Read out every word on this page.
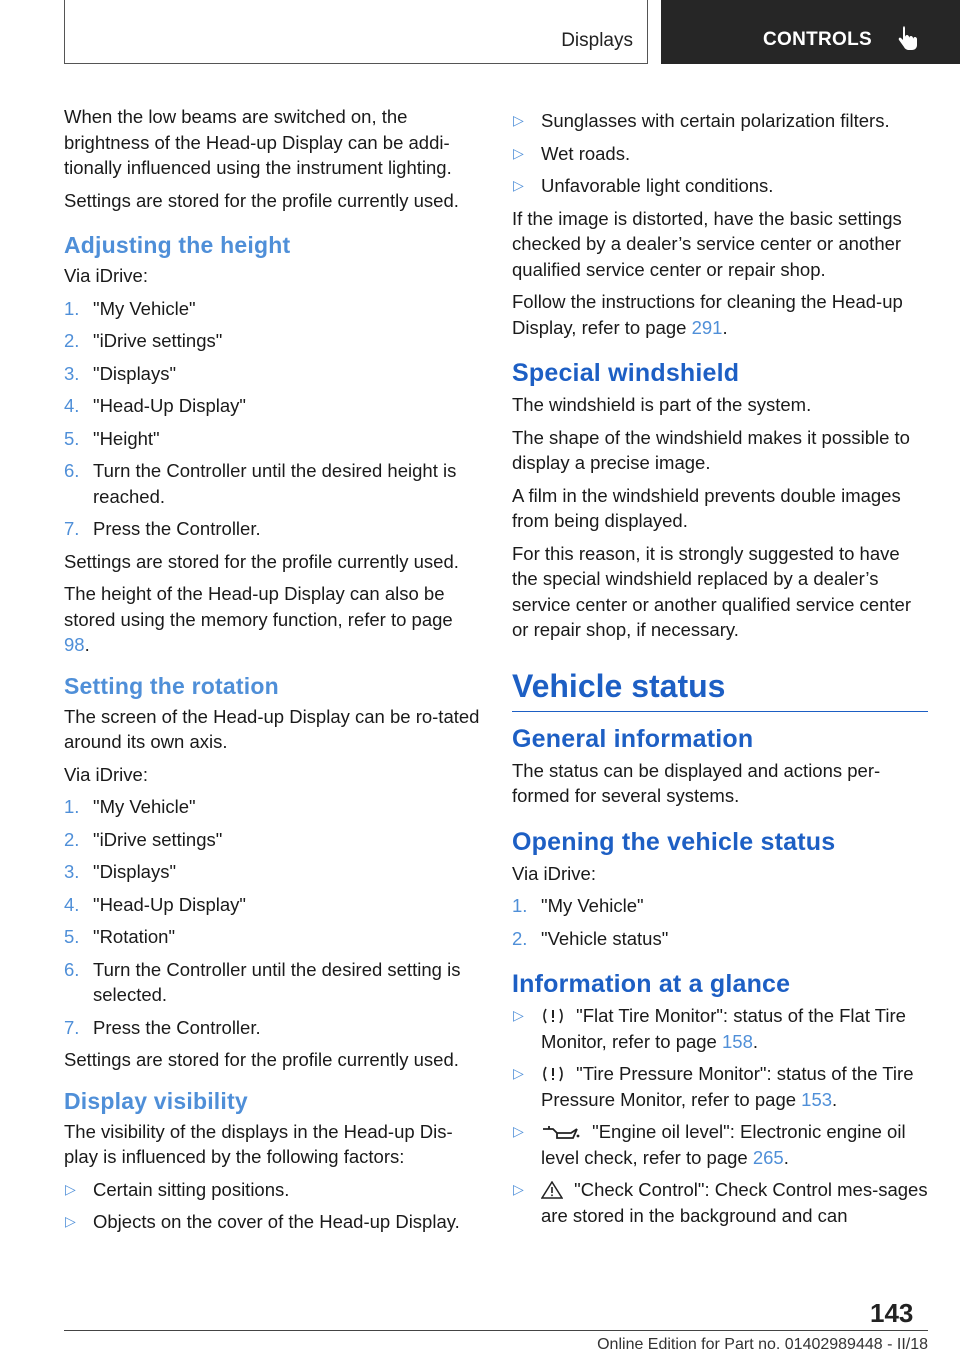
Displays	CONTROLS

When the low beams are switched on, the brightness of the Head-up Display can be addi-tionally influenced using the instrument lighting.

Settings are stored for the profile currently used.

Adjusting the height

Via iDrive:

1. "My Vehicle"
2. "iDrive settings"
3. "Displays"
4. "Head-Up Display"
5. "Height"
6. Turn the Controller until the desired height is reached.
7. Press the Controller.

Settings are stored for the profile currently used.

The height of the Head-up Display can also be stored using the memory function, refer to page 98.

Setting the rotation

The screen of the Head-up Display can be ro-tated around its own axis.

Via iDrive:

1. "My Vehicle"
2. "iDrive settings"
3. "Displays"
4. "Head-Up Display"
5. "Rotation"
6. Turn the Controller until the desired setting is selected.
7. Press the Controller.

Settings are stored for the profile currently used.

Display visibility

The visibility of the displays in the Head-up Dis-play is influenced by the following factors:

▷ Certain sitting positions.
▷ Objects on the cover of the Head-up Display.
▷ Sunglasses with certain polarization filters.
▷ Wet roads.
▷ Unfavorable light conditions.

If the image is distorted, have the basic settings checked by a dealer’s service center or another qualified service center or repair shop.

Follow the instructions for cleaning the Head-up Display, refer to page 291.

Special windshield

The windshield is part of the system.

The shape of the windshield makes it possible to display a precise image.

A film in the windshield prevents double images from being displayed.

For this reason, it is strongly suggested to have the special windshield replaced by a dealer’s service center or another qualified service center or repair shop, if necessary.

Vehicle status
General information

The status can be displayed and actions per-formed for several systems.

Opening the vehicle status

Via iDrive:

1. "My Vehicle"
2. "Vehicle status"
Information at a glance
▷	"Flat Tire Monitor": status of the Flat Tire Monitor, refer to page 158.
▷	"Tire Pressure Monitor": status of the Tire Pressure Monitor, refer to page 153.
▷	"Engine oil level": Electronic engine oil level check, refer to page 265.
▷ "Check Control": Check Control mes-sages are stored in the background and can
143
Online Edition for Part no. 01402989448 - II/18
